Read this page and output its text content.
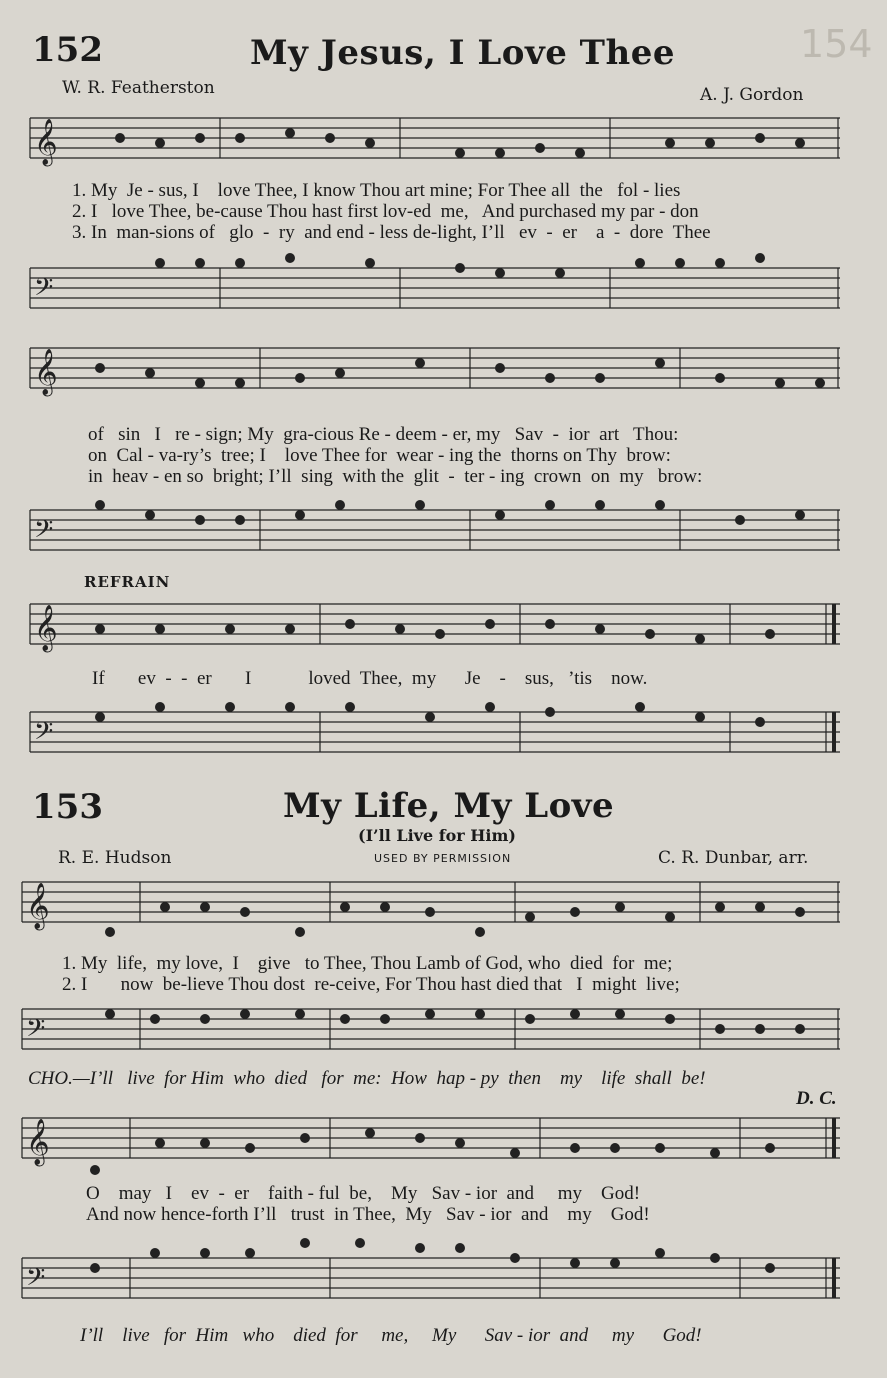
154
152	My Jesus, I Love Thee
W. R. Featherston	A. J. Gordon
𝄞
1. My  Je - sus, I    love Thee, I know Thou art mine; For Thee all  the   fol - lies
2. I   love Thee, be-cause Thou hast first lov-ed  me,   And purchased my par - don
3. In  man-sions of   glo  -  ry  and end - less de-light, I’ll   ev  -  er    a  -  dore  Thee
𝄢
𝄞
of   sin   I   re - sign; My  gra-cious Re - deem - er, my   Sav  -  ior  art   Thou:
on  Cal - va-ry’s  tree; I    love Thee for  wear - ing the  thorns on Thy  brow:
in  heav - en so  bright; I’ll  sing  with the  glit  -  ter - ing  crown  on  my   brow:
𝄢
REFRAIN
𝄞
If       ev  -  -  er       I            loved  Thee,  my      Je    -    sus,   ’tis    now.
𝄢
153	My Life, My Love
(I’ll Live for Him)
R. E. Hudson	USED BY PERMISSION	C. R. Dunbar, arr.
𝄞
1. My  life,  my love,  I    give   to Thee, Thou Lamb of God, who  died  for  me;
2. I       now  be-lieve Thou dost  re-ceive, For Thou hast died that   I  might  live;
𝄢
CHO.—I’ll   live  for Him  who  died   for  me:  How  hap - py  then    my    life  shall  be!
D. C.
𝄞
O    may   I    ev  -  er    faith - ful  be,    My   Sav - ior  and     my    God!
And now hence-forth I’ll   trust  in Thee,  My   Sav - ior  and    my    God!
𝄢
I’ll    live   for  Him   who    died  for     me,     My      Sav - ior  and     my      God!
